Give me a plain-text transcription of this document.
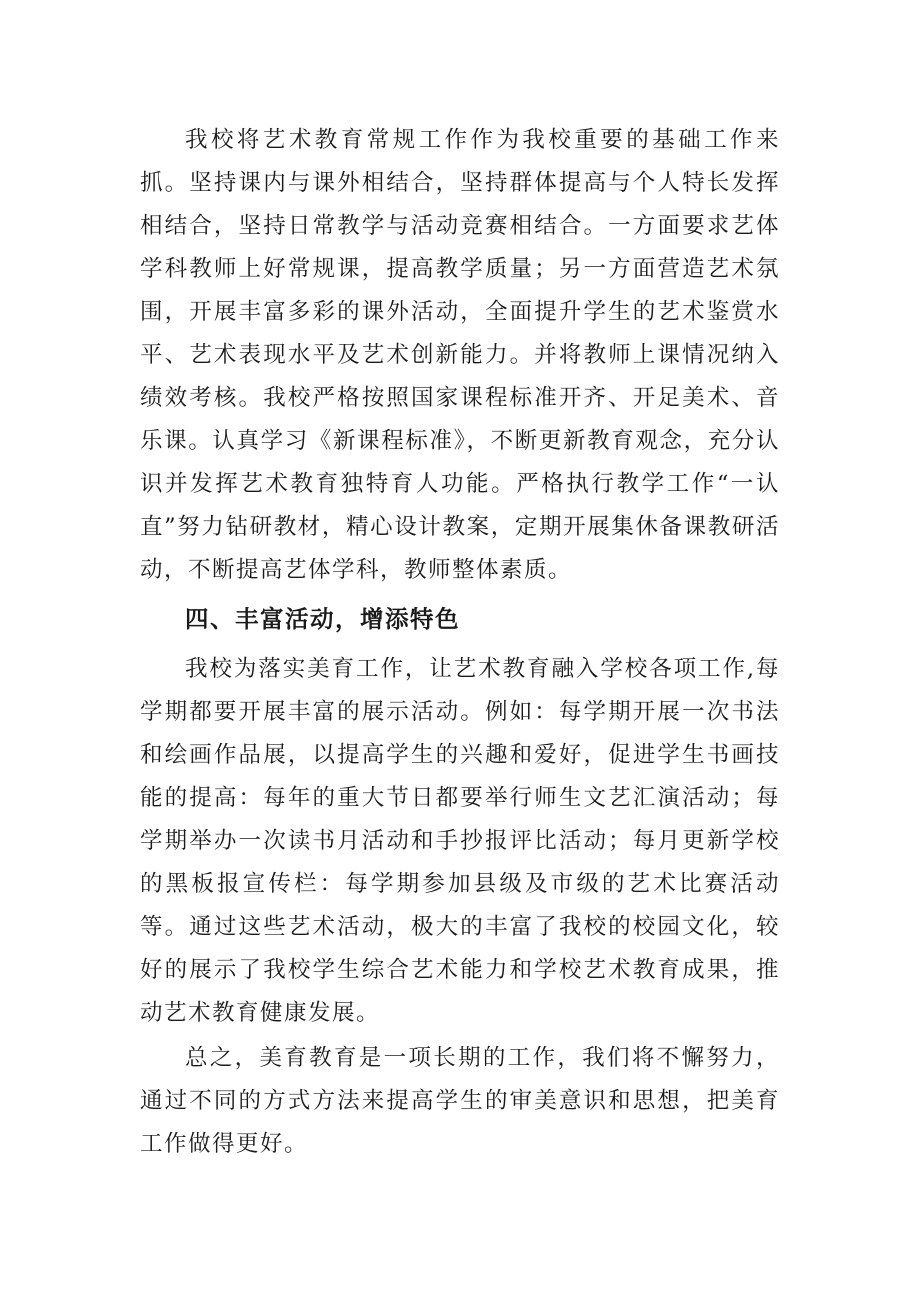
我校将艺术教育常规工作作为我校重要的基础工作来抓。坚持课内与课外相结合，坚持群体提高与个人特长发挥相结合，坚持日常教学与活动竞赛相结合。一方面要求艺体学科教师上好常规课，提高教学质量；另一方面营造艺术氛围，开展丰富多彩的课外活动，全面提升学生的艺术鉴赏水平、艺术表现水平及艺术创新能力。并将教师上课情况纳入绩效考核。我校严格按照国家课程标准开齐、开足美术、音乐课。认真学习《新课程标准》，不断更新教育观念，充分认识并发挥艺术教育独特育人功能。严格执行教学工作“一认直”努力钻研教材，精心设计教案，定期开展集休备课教研活动，不断提高艺体学科，教师整体素质。

四、丰富活动，增添特色

我校为落实美育工作，让艺术教育融入学校各项工作,每学期都要开展丰富的展示活动。例如：每学期开展一次书法和绘画作品展，以提高学生的兴趣和爱好，促进学生书画技能的提高：每年的重大节日都要举行师生文艺汇演活动；每学期举办一次读书月活动和手抄报评比活动；每月更新学校的黑板报宣传栏：每学期参加县级及市级的艺术比赛活动等。通过这些艺术活动，极大的丰富了我校的校园文化，较好的展示了我校学生综合艺术能力和学校艺术教育成果，推动艺术教育健康发展。

总之，美育教育是一项长期的工作，我们将不懈努力，通过不同的方式方法来提高学生的审美意识和思想，把美育工作做得更好。
